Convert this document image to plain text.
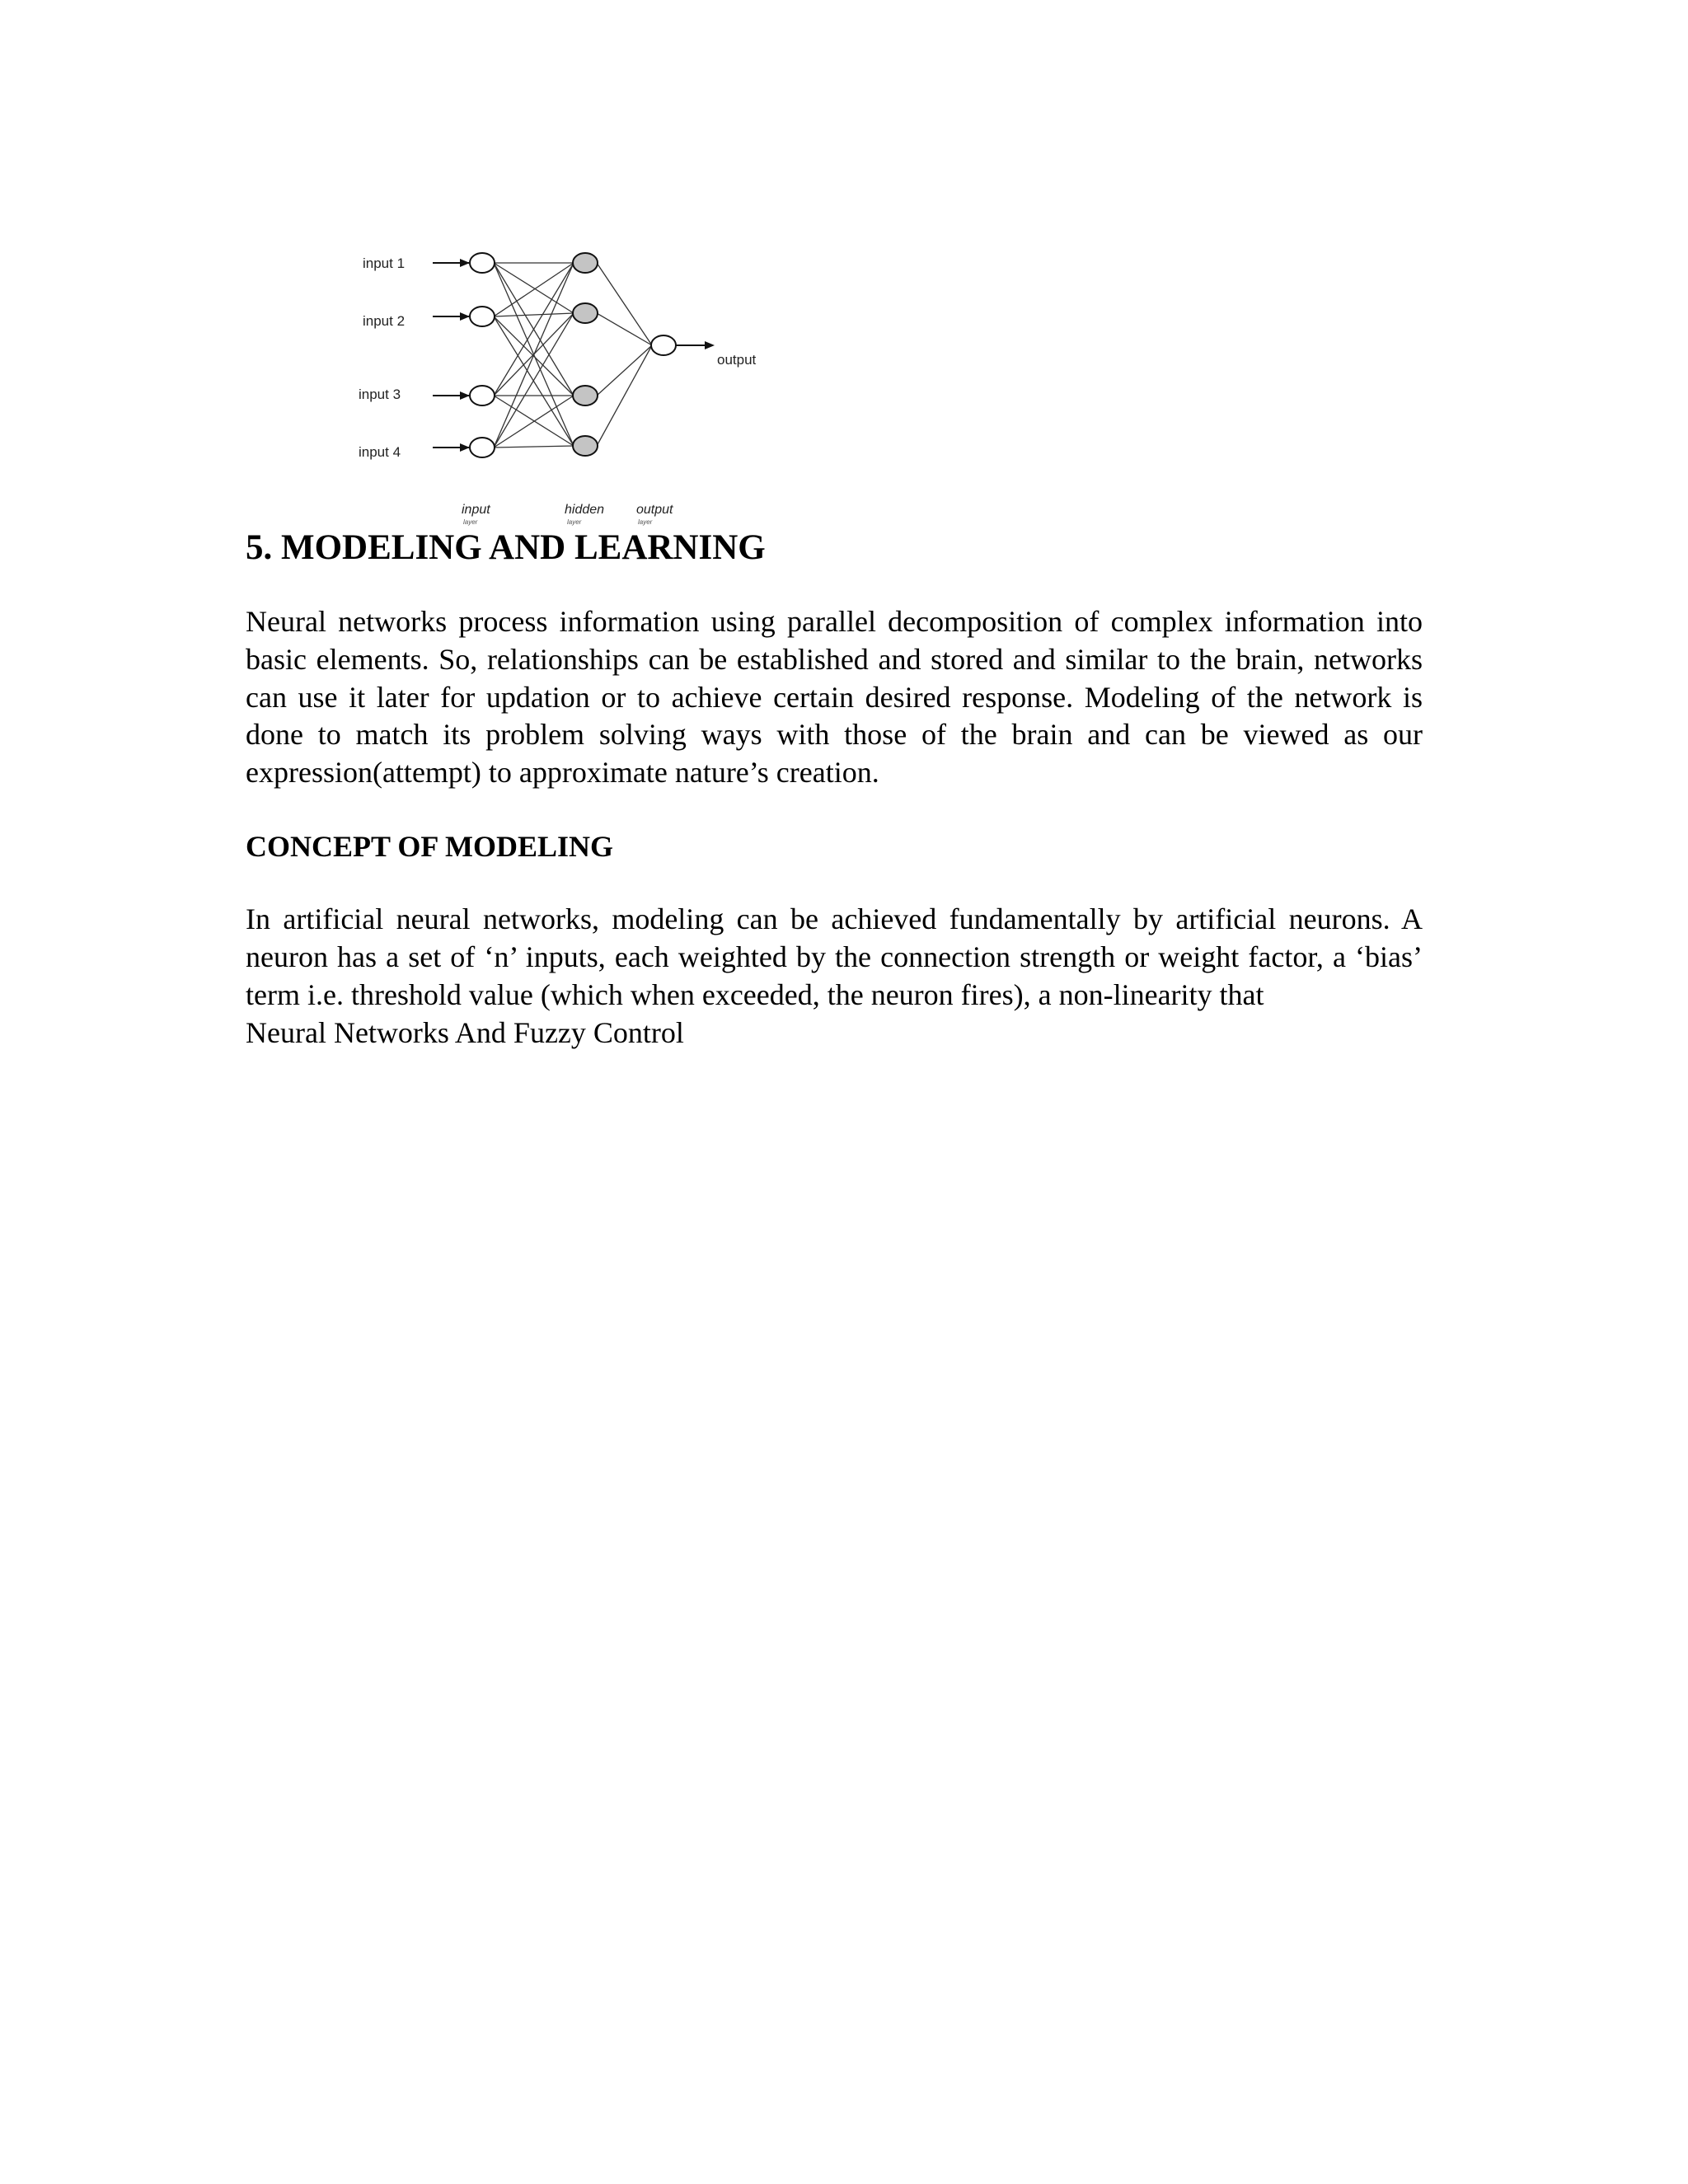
input 1
input 2
input 3
input 4
output
input
layer
hidden
layer
output
layer
5. MODELING AND LEARNING

Neural networks process information using parallel decomposition of complex information into basic elements. So, relationships can be established and stored and similar to the brain, networks can use it later for updation or to achieve certain desired response. Modeling of the network is done to match its problem solving ways with those of the brain and can be viewed as our expression(attempt) to approximate nature’s creation.

CONCEPT OF MODELING

In artificial neural networks, modeling can be achieved fundamentally by artificial neurons. A neuron has a set of ‘n’ inputs, each weighted by the connection strength or weight factor, a ‘bias’ term i.e. threshold value (which when exceeded, the neuron fires), a non-linearity that

Neural Networks And Fuzzy Control
